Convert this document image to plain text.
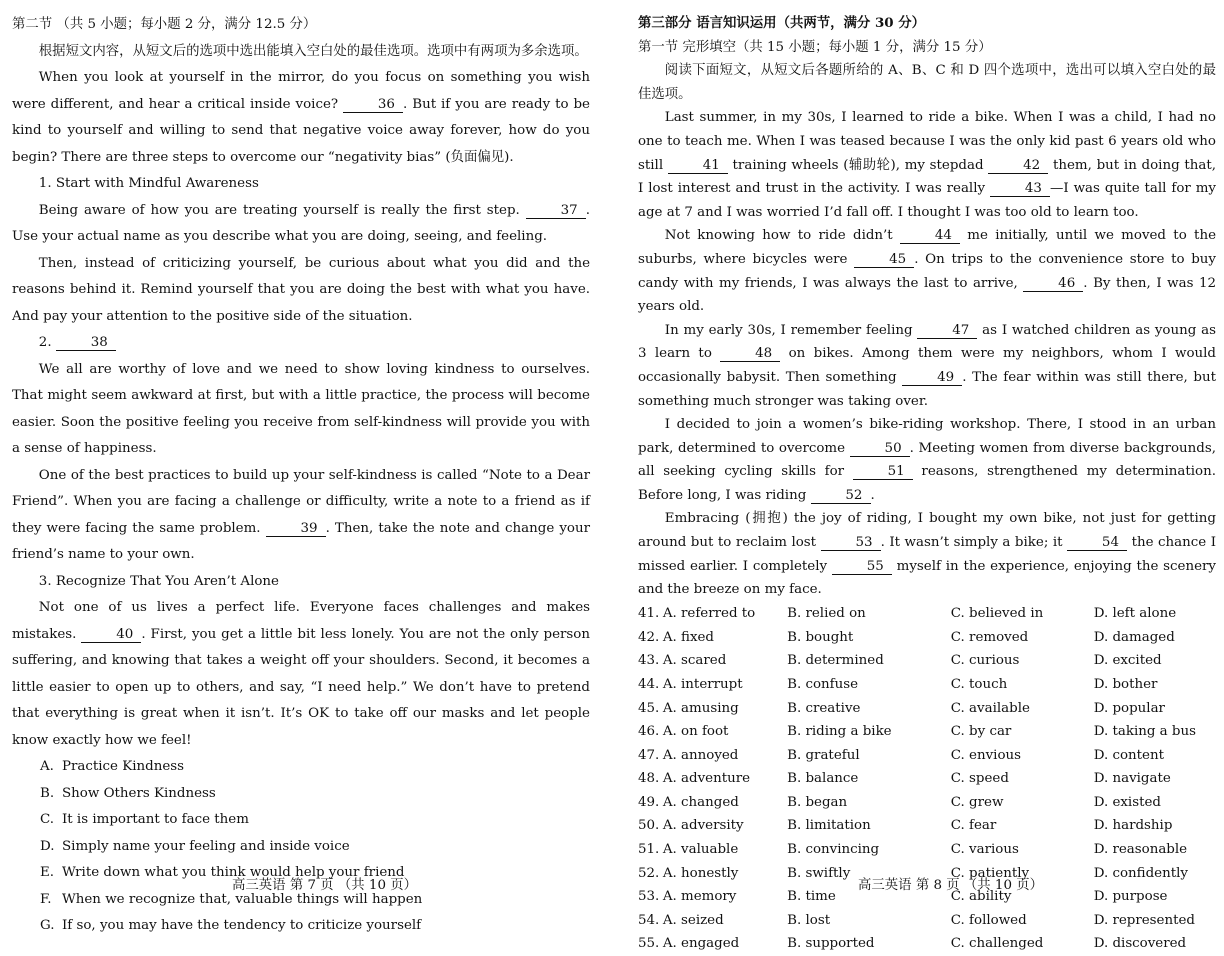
第二节 （共 5 小题；每小题 2 分，满分 12.5 分）

根据短文内容，从短文后的选项中选出能填入空白处的最佳选项。选项中有两项为多余选项。

When you look at yourself in the mirror, do you focus on something you wish were different, and hear a critical inside voice?	36 . But if you are ready to be kind to yourself and willing to send that negative voice away forever, how do you begin? There are three steps to overcome our “negativity bias” (负面偏见).

1. Start with Mindful Awareness

Being aware of how you are treating yourself is really the first step.	37 . Use your actual name as you describe what you are doing, seeing, and feeling.

Then, instead of criticizing yourself, be curious about what you did and the reasons behind it. Remind yourself that you are doing the best with what you have. And pay your attention to the positive side of the situation.

2.	38

We all are worthy of love and we need to show loving kindness to ourselves. That might seem awkward at first, but with a little practice, the process will become easier. Soon the positive feeling you receive from self-kindness will provide you with a sense of happiness.

One of the best practices to build up your self-kindness is called “Note to a Dear Friend”. When you are facing a challenge or difficulty, write a note to a friend as if they were facing the same problem.	39 . Then, take the note and change your friend’s name to your own.

3. Recognize That You Aren’t Alone

Not one of us lives a perfect life. Everyone faces challenges and makes mistakes.	40 . First, you get a little bit less lonely. You are not the only person suffering, and knowing that takes a weight off your shoulders. Second, it becomes a little easier to open up to others, and say, “I need help.” We don’t have to pretend that everything is great when it isn’t. It’s OK to take off our masks and let people know exactly how we feel!

A. Practice Kindness
B. Show Others Kindness
C. It is important to face them
D. Simply name your feeling and inside voice
E. Write down what you think would help your friend
F. When we recognize that, valuable things will happen
G. If so, you may have the tendency to criticize yourself
高三英语 第 7 页 （共 10 页）

第三部分 语言知识运用（共两节，满分 30 分）

第一节 完形填空（共 15 小题；每小题 1 分，满分 15 分）

阅读下面短文，从短文后各题所给的 A、B、C 和 D 四个选项中，选出可以填入空白处的最佳选项。

Last summer, in my 30s, I learned to ride a bike. When I was a child, I had no one to teach me. When I was teased because I was the only kid past 6 years old who still	41 training wheels (辅助轮), my stepdad	42 them, but in doing that, I lost interest and trust in the activity. I was really	43 —I was quite tall for my age at 7 and I was worried I’d fall off. I thought I was too old to learn too.

Not knowing how to ride didn’t	44 me initially, until we moved to the suburbs, where bicycles were	45 . On trips to the convenience store to buy candy with my friends, I was always the last to arrive,	46 . By then, I was 12 years old.

In my early 30s, I remember feeling	47 as I watched children as young as 3 learn to	48 on bikes. Among them were my neighbors, whom I would occasionally babysit. Then something	49 . The fear within was still there, but something much stronger was taking over.

I decided to join a women’s bike-riding workshop. There, I stood in an urban park, determined to overcome	50 . Meeting women from diverse backgrounds, all seeking cycling skills for	51 reasons, strengthened my determination. Before long, I was riding	52 .

Embracing (拥抱) the joy of riding, I bought my own bike, not just for getting around but to reclaim lost	53 . It wasn’t simply a bike; it	54 the chance I missed earlier. I completely	55 myself in the experience, enjoying the scenery and the breeze on my face.

41.	A. referred to	B. relied on	C. believed in	D. left alone
42.	A. fixed	B. bought	C. removed	D. damaged
43.	A. scared	B. determined	C. curious	D. excited
44.	A. interrupt	B. confuse	C. touch	D. bother
45.	A. amusing	B. creative	C. available	D. popular
46.	A. on foot	B. riding a bike	C. by car	D. taking a bus
47.	A. annoyed	B. grateful	C. envious	D. content
48.	A. adventure	B. balance	C. speed	D. navigate
49.	A. changed	B. began	C. grew	D. existed
50.	A. adversity	B. limitation	C. fear	D. hardship
51.	A. valuable	B. convincing	C. various	D. reasonable
52.	A. honestly	B. swiftly	C. patiently	D. confidently
53.	A. memory	B. time	C. ability	D. purpose
54.	A. seized	B. lost	C. followed	D. represented
55.	A. engaged	B. supported	C. challenged	D. discovered
高三英语 第 8 页 （共 10 页）
